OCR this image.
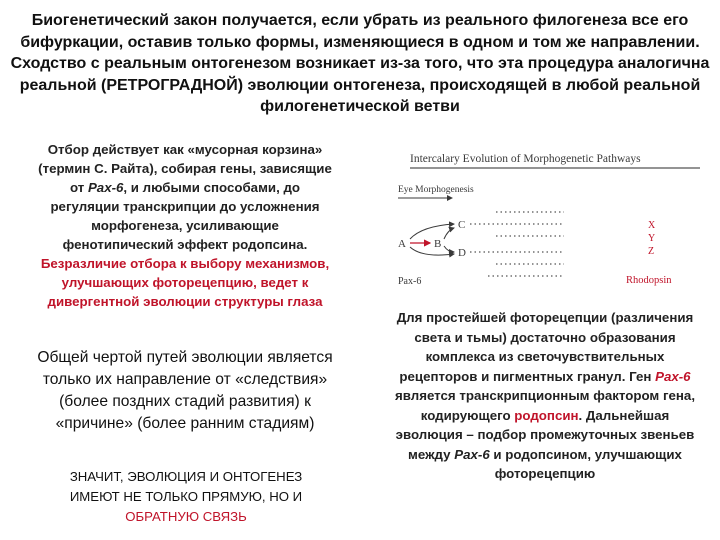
Биогенетический закон получается, если убрать из реального филогенеза все его бифуркации, оставив только формы, изменяющиеся в одном и том же направлении. Сходство с реальным онтогенезом возникает из-за того, что эта процедура аналогична реальной (РЕТРОГРАДНОЙ) эволюции онтогенеза, происходящей в любой реальной филогенетической ветви
Отбор действует как «мусорная корзина» (термин С. Райта), собирая гены, зависящие от Pax-6, и любыми способами, до регуляции транскрипции до усложнения морфогенеза, усиливающие фенотипический эффект родопсина. Безразличие отбора к выбору механизмов, улучшающих фоторецепцию, ведет к дивергентной эволюции структуры глаза
Общей чертой путей эволюции является только их направление от «следствия» (более поздних стадий развития) к «причине» (более ранним стадиям)
ЗНАЧИТ, ЭВОЛЮЦИЯ И ОНТОГЕНЕЗ
ИМЕЮТ НЕ ТОЛЬКО ПРЯМУЮ, НО И
ОБРАТНУЮ СВЯЗЬ
Intercalary Evolution of Morphogenetic Pathways
Eye Morphogenesis
A	B
C
D
X
Y
Z
Pax-6	Rhodopsin
Для простейшей фоторецепции (различения света и тьмы) достаточно образования комплекса из светочувствительных рецепторов и пигментных гранул. Ген Pax-6 является транскрипционным фактором гена, кодирующего родопсин. Дальнейшая эволюция – подбор промежуточных звеньев между Pax-6 и родопсином, улучшающих фоторецепцию
